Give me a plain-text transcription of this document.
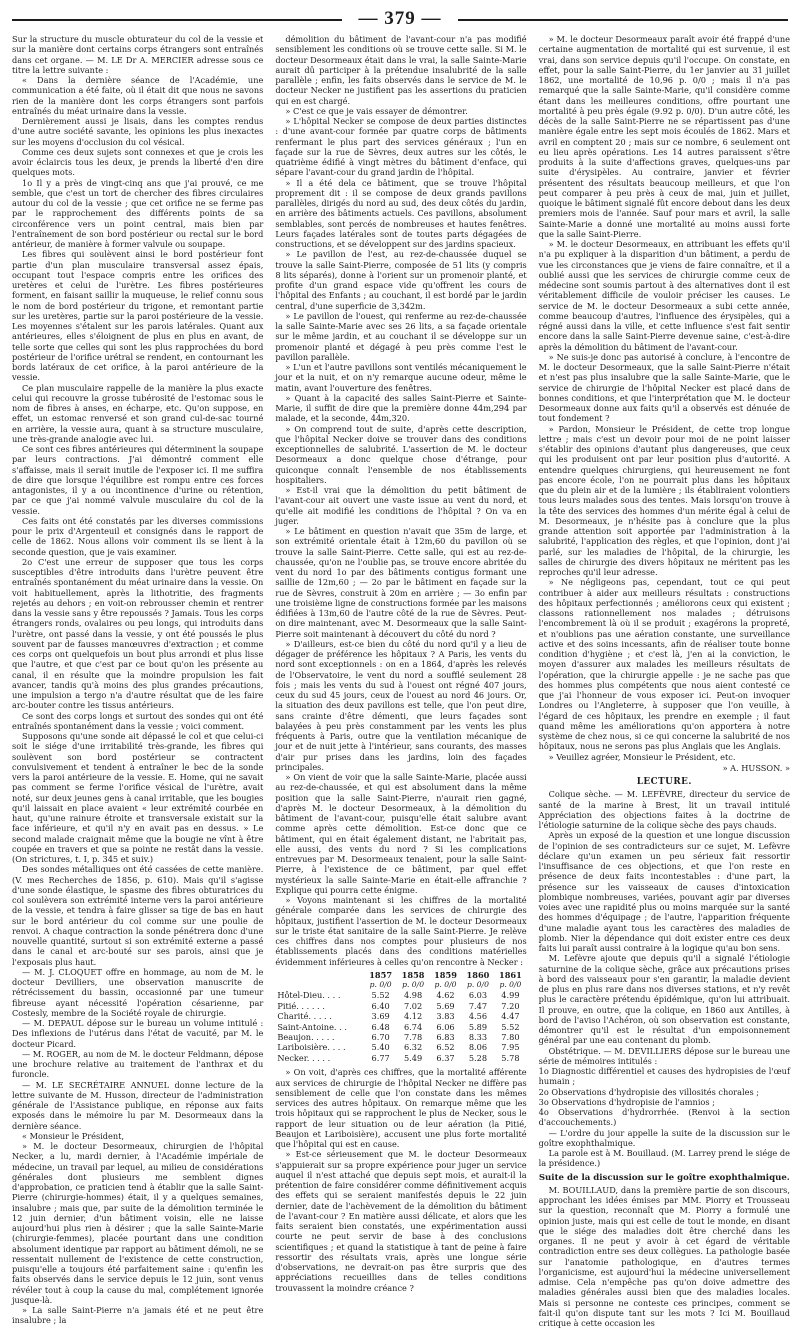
— 379 —

Sur la structure du muscle obturateur du col de la vessie et sur la manière dont certains corps étrangers sont entraînés dans cet organe. — M. LE Dr A. MERCIER adresse sous ce titre la lettre suivante :

« Dans la dernière séance de l'Académie, une communication a été faite, où il était dit que nous ne savons rien de la manière dont les corps étrangers sont parfois entraînés du méat urinaire dans la vessie.

Dernièrement aussi je lisais, dans les comptes rendus d'une autre société savante, les opinions les plus inexactes sur les moyens d'occlusion du col vésical.

Comme ces deux sujets sont connexes et que je crois les avoir éclaircis tous les deux, je prends la liberté d'en dire quelques mots.

1o Il y a près de vingt-cinq ans que j'ai prouvé, ce me semble, que c'est un tort de chercher des fibres circulaires autour du col de la vessie ; que cet orifice ne se ferme pas par le rapprochement des différents points de sa circonférence vers un point central, mais bien par l'entraînement de son bord postérieur ou rectal sur le bord antérieur, de manière à former valvule ou soupape.

Les fibres qui soulèvent ainsi le bord postérieur font partie d'un plan musculaire transversal assez épais, occupant tout l'espace compris entre les orifices des uretères et celui de l'urètre. Les fibres postérieures forment, en faisant saillir la muqueuse, le relief connu sous le nom de bord postérieur du trigone, et remontant partie sur les uretères, partie sur la paroi postérieure de la vessie. Les moyennes s'étalent sur les parois latérales. Quant aux antérieures, elles s'éloignent de plus en plus en avant, de telle sorte que celles qui sont les plus rapprochées du bord postérieur de l'orifice urétral se rendent, en contournant les bords latéraux de cet orifice, à la paroi antérieure de la vessie.

Ce plan musculaire rappelle de la manière la plus exacte celui qui recouvre la grosse tubérosité de l'estomac sous le nom de fibres à anses, en écharpe, etc. Qu'on suppose, en effet, un estomac renversé et son grand cul-de-sac tourné en arrière, la vessie aura, quant à sa structure musculaire, une très-grande analogie avec lui.

Ce sont ces fibres antérieures qui déterminent la soupape par leurs contractions. J'ai démontré comment elle s'affaisse, mais il serait inutile de l'exposer ici. Il me suffira de dire que lorsque l'équilibre est rompu entre ces forces antagonistes, il y a ou incontinence d'urine ou rétention, par ce que j'ai nommé valvule musculaire du col de la vessie.

Ces faits ont été constatés par les diverses commissions pour le prix d'Argenteuil et consignés dans le rapport de celle de 1862. Nous allons voir comment ils se lient à la seconde question, que je vais examiner.

2o C'est une erreur de supposer que tous les corps susceptibles d'être introduits dans l'urètre peuvent être entraînés spontanément du méat urinaire dans la vessie. On voit habituellement, après la lithotritie, des fragments rejetés au dehors ; en voit-on rebrousser chemin et rentrer dans la vessie sans y être repoussés ? Jamais. Tous les corps étrangers ronds, ovalaires ou peu longs, qui introduits dans l'urètre, ont passé dans la vessie, y ont été poussés le plus souvent par de fausses manœuvres d'extraction ; et comme ces corps ont quelquefois un bout plus arrondi et plus lisse que l'autre, et que c'est par ce bout qu'on les présente au canal, il en résulte que la moindre propulsion les fait avancer, tandis qu'à moins des plus grandes précautions, une impulsion a tergo n'a d'autre résultat que de les faire arc-bouter contre les tissus antérieurs.

Ce sont des corps longs et surtout des sondes qui ont été entraînés spontanément dans la vessie ; voici comment.

Supposons qu'une sonde ait dépassé le col et que celui-ci soit le siége d'une irritabilité très-grande, les fibres qui soulèvent son bord postérieur se contractent convulsivement et tendent à entraîner le bec de la sonde vers la paroi antérieure de la vessie. E. Home, qui ne savait pas comment se ferme l'orifice vésical de l'urètre, avait noté, sur deux jeunes gens à canal irritable, que les bougies qu'il laissait en place avaient « leur extrémité courbée en haut, qu'une rainure étroite et transversale existait sur la face inférieure, et qu'il n'y en avait pas en dessus. » Le second malade craignait même que la bougie ne vînt à être coupée en travers et que sa pointe ne restât dans la vessie. (On strictures, t. I, p. 345 et suiv.)

Des sondes métalliques ont été cassées de cette manière. (V. mes Recherches de 1856, p. 610). Mais qu'il s'agisse d'une sonde élastique, le spasme des fibres obturatrices du col soulèvera son extrémité interne vers la paroi antérieure de la vessie, et tendra à faire glisser sa tige de bas en haut sur le bord antérieur du col comme sur une poulie de renvoi. A chaque contraction la sonde pénétrera donc d'une nouvelle quantité, surtout si son extrémité externe a passé dans le canal et arc-bouté sur ses parois, ainsi que je l'exposais plus haut.

— M. J. CLOQUET offre en hommage, au nom de M. le docteur Devilliers, une observation manuscrite de rétrécissement du bassin, occasionné par une tumeur fibreuse ayant nécessité l'opération césarienne, par Costesly, membre de la Société royale de chirurgie.

— M. DEPAUL dépose sur le bureau un volume intitulé : Des inflexions de l'utérus dans l'état de vacuité, par M. le docteur Picard.

— M. ROGER, au nom de M. le docteur Feldmann, dépose une brochure relative au traitement de l'anthrax et du furoncle.

— M. LE SECRÉTAIRE ANNUEL donne lecture de la lettre suivante de M. Husson, directeur de l'administration générale de l'Assistance publique, en réponse aux faits exposés dans le mémoire lu par M. Desormeaux dans la dernière séance.

« Monsieur le Président,

» M. le docteur Desormeaux, chirurgien de l'hôpital Necker, a lu, mardi dernier, à l'Académie impériale de médecine, un travail par lequel, au milieu de considérations générales dont plusieurs me semblent dignes d'approbation, ce praticien tend à établir que la salle Saint-Pierre (chirurgie-hommes) était, il y a quelques semaines, insalubre ; mais que, par suite de la démolition terminée le 12 juin dernier, d'un bâtiment voisin, elle ne laisse aujourd'hui plus rien à désirer ; que la salle Sainte-Marie (chirurgie-femmes), placée pourtant dans une condition absolument identique par rapport au bâtiment démoli, ne se ressentait nullement de l'existence de cette construction, puisqu'elle a toujours été parfaitement saine : qu'enfin les faits observés dans le service depuis le 12 juin, sont venus révéler tout à coup la cause du mal, complétement ignorée jusque-là.

» La salle Saint-Pierre n'a jamais été et ne peut être insalubre ; la

démolition du bâtiment de l'avant-cour n'a pas modifié sensiblement les conditions où se trouve cette salle. Si M. le docteur Desormeaux était dans le vrai, la salle Sainte-Marie aurait dû participer à la prétendue insalubrité de la salle parallèle ; enfin, les faits observés dans le service de M. le docteur Necker ne justifient pas les assertions du praticien qui en est chargé.

» C'est ce que je vais essayer de démontrer.

» L'hôpital Necker se compose de deux parties distinctes : d'une avant-cour formée par quatre corps de bâtiments renfermant le plus part des services généraux ; l'un en façade sur la rue de Sèvres, deux autres sur les côtés, le quatrième édifié à vingt mètres du bâtiment d'enface, qui sépare l'avant-cour du grand jardin de l'hôpital.

» Il a été dela ce bâtiment, que se trouve l'hôpital proprement dit : il se compose de deux grands pavillons parallèles, dirigés du nord au sud, des deux côtés du jardin, en arrière des bâtiments actuels. Ces pavillons, absolument semblables, sont percés de nombreuses et hautes fenêtres. Leurs façades latérales sont de toutes parts dégagées de constructions, et se développent sur des jardins spacieux.

» Le pavillon de l'est, au rez-de-chaussée duquel se trouve la salle Saint-Pierre, composée de 51 lits (y compris 8 lits séparés), donne à l'orient sur un promenoir planté, et profite d'un grand espace vide qu'offrent les cours de l'hôpital des Enfants ; au couchant, il est bordé par le jardin central, d'une superficie de 3,342m.

» Le pavillon de l'ouest, qui renferme au rez-de-chaussée la salle Sainte-Marie avec ses 26 lits, a sa façade orientale sur le même jardin, et au couchant il se développe sur un promenoir planté et dégagé à peu près comme l'est le pavillon parallèle.

» L'un et l'autre pavillons sont ventilés mécaniquement le jour et la nuit, et on n'y remarque aucune odeur, même le matin, avant l'ouverture des fenêtres.

» Quant à la capacité des salles Saint-Pierre et Sainte-Marie, il suffit de dire que la première donne 44m,294 par malade, et la seconde, 44m,320.

» On comprend tout de suite, d'après cette description, que l'hôpital Necker doive se trouver dans des conditions exceptionnelles de salubrité. L'assertion de M. le docteur Desormeaux a donc quelque chose d'étrange, pour quiconque connaît l'ensemble de nos établissements hospitaliers.

» Est-il vrai que la démolition du petit bâtiment de l'avant-cour ait ouvert une vaste issue au vent du nord, et qu'elle ait modifié les conditions de l'hôpital ? On va en juger.

» Le bâtiment en question n'avait que 35m de large, et son extrémité orientale était à 12m,60 du pavillon où se trouve la salle Saint-Pierre. Cette salle, qui est au rez-de-chaussée, qu'on ne l'oublie pas, se trouve encore abritée du vent du nord 1o par des bâtiments contigus formant une saillie de 12m,60 ; — 2o par le bâtiment en façade sur la rue de Sèvres, construit à 20m en arrière ; — 3o enfin par une troisième ligne de constructions formée par les maisons édifiées à 13m,60 de l'autre côté de la rue de Sèvres. Peut-on dire maintenant, avec M. Desormeaux que la salle Saint-Pierre soit maintenant à découvert du côté du nord ?

» D'ailleurs, est-ce bien du côté du nord qu'il y a lieu de dégager de préférence les hôpitaux ? A Paris, les vents du nord sont exceptionnels : on en a 1864, d'après les relevés de l'Observatoire, le vent du nord a soufflé seulement 28 fois ; mais les vents du sud à l'ouest ont régné 407 jours, ceux du sud 45 jours, ceux de l'ouest au nord 46 jours. Or, la situation des deux pavillons est telle, que l'on peut dire, sans crainte d'être démenti, que leurs façades sont balayées à peu près constamment par les vents les plus fréquents à Paris, outre que la ventilation mécanique de jour et de nuit jette à l'intérieur, sans courants, des masses d'air pur prises dans les jardins, loin des façades principales.

» On vient de voir que la salle Sainte-Marie, placée aussi au rez-de-chaussée, et qui est absolument dans la même position que la salle Saint-Pierre, n'aurait rien gagné, d'après M. le docteur Desormeaux, à la démolition du bâtiment de l'avant-cour, puisqu'elle était salubre avant comme après cette démolition. Est-ce donc que ce bâtiment, qui en était également distant, ne l'abritait pas, elle aussi, des vents du nord ? Si les complications entrevues par M. Desormeaux tenaient, pour la salle Saint-Pierre, à l'existence de ce bâtiment, par quel effet mystérieux la salle Sainte-Marie en était-elle affranchie ? Explique qui pourra cette énigme.

» Voyons maintenant si les chiffres de la mortalité générale comparée dans les services de chirurgie des hôpitaux, justifient l'assertion de M. le docteur Desormeaux sur le triste état sanitaire de la salle Saint-Pierre. Je relève ces chiffres dans nos comptes pour plusieurs de nos établissements placés dans des conditions matérielles évidemment inférieures à celles qu'on rencontre à Necker :

	1857	1858	1859	1860	1861
	p. 0/0	p. 0/0	p. 0/0	p. 0/0	p. 0/0
Hôtel-Dieu. . . .	5.52	4.98	4.62	6.03	4.99
Pitié. . . . . .	6.40	7.02	5.69	7.47	7.20
Charité. . . . .	3.69	4.12	3.83	4.56	4.47
Saint-Antoine. . .	6.48	6.74	6.06	5.89	5.52
Beaujon. . . . .	6.70	7.78	6.83	8.33	7.80
Lariboisière. . . .	5.40	6.32	6.52	8.06	7.95
Necker. . . . .	6.77	5.49	6.37	5.28	5.78

» On voit, d'après ces chiffres, que la mortalité afférente aux services de chirurgie de l'hôpital Necker ne diffère pas sensiblement de celle que l'on constate dans les mêmes services des autres hôpitaux. On remarque même que les trois hôpitaux qui se rapprochent le plus de Necker, sous le rapport de leur situation ou de leur aération (la Pitié, Beaujon et Lariboisière), accusent une plus forte mortalité que l'hôpital qui est en cause.

» Est-ce sérieusement que M. le docteur Desormeaux s'appuierait sur sa propre expérience pour juger un service auquel il n'est attaché que depuis sept mois, et aurait-il la prétention de faire considérer comme définitivement acquis des effets qui se seraient manifestés depuis le 22 juin dernier, date de l'achèvement de la démolition du bâtiment de l'avant-cour ? En matière aussi délicate, et alors que les faits seraient bien constatés, une expérimentation aussi courte ne peut servir de base à des conclusions scientifiques ; et quand la statistique à tant de peine à faire ressortir des résultats vrais, après une longue série d'observations, ne devrait-on pas être surpris que des appréciations recueillies dans de telles conditions trouvassent la moindre créance ?

» M. le docteur Desormeaux paraît avoir été frappé d'une certaine augmentation de mortalité qui est survenue, il est vrai, dans son service depuis qu'il l'occupe. On constate, en effet, pour la salle Saint-Pierre, du 1er janvier au 31 juillet 1862, une mortalité de 10,96 p. 0/0 ; mais il n'a pas remarqué que la salle Sainte-Marie, qu'il considère comme étant dans les meilleures conditions, offre pourtant une mortalité à peu près égale (9.92 p. 0/0). D'un autre côté, les décès de la salle Saint-Pierre ne se répartissent pas d'une manière égale entre les sept mois écoulés de 1862. Mars et avril en comptent 20 ; mais sur ce nombre, 6 seulement ont eu lieu après opérations. Les 14 autres paraissent s'être produits à la suite d'affections graves, quelques-uns par suite d'érysipèles. Au contraire, janvier et février présentent des résultats beaucoup meilleurs, et que l'on peut comparer à peu près à ceux de mai, juin et juillet, quoique le bâtiment signalé fût encore debout dans les deux premiers mois de l'année. Sauf pour mars et avril, la salle Sainte-Marie a donné une mortalité au moins aussi forte que la salle Saint-Pierre.

» M. le docteur Desormeaux, en attribuant les effets qu'il n'a pu expliquer à la disparition d'un bâtiment, a perdu de vue les circonstances que je viens de faire connaître, et il a oublié aussi que les services de chirurgie comme ceux de médecine sont soumis partout à des alternatives dont il est véritablement difficile de vouloir préciser les causes. Le service de M. le docteur Desormeaux a subi cette année, comme beaucoup d'autres, l'influence des érysipèles, qui a régné aussi dans la ville, et cette influence s'est fait sentir encore dans la salle Saint-Pierre devenue saine, c'est-à-dire après la démolition du bâtiment de l'avant-cour.

» Ne suis-je donc pas autorisé à conclure, à l'encontre de M. le docteur Desormeaux, que la salle Saint-Pierre n'était et n'est pas plus insalubre que la salle Sainte-Marie, que le service de chirurgie de l'hôpital Necker est placé dans de bonnes conditions, et que l'interprétation que M. le docteur Desormeaux donne aux faits qu'il a observés est dénuée de tout fondement ?

» Pardon, Monsieur le Président, de cette trop longue lettre ; mais c'est un devoir pour moi de ne point laisser s'établir des opinions d'autant plus dangereuses, que ceux qui les produisent ont par leur position plus d'autorité. A entendre quelques chirurgiens, qui heureusement ne font pas encore école, l'on ne pourrait plus dans les hôpitaux que du plein air et de la lumière ; ils établiraient volontiers tous leurs malades sous des tentes. Mais lorsqu'on trouve à la tête des services des hommes d'un mérite égal à celui de M. Desormeaux, je n'hésite pas à conclure que la plus grande attention soit apportée par l'administration à la salubrité, l'application des règles, et que l'opinion, dont j'ai parlé, sur les maladies de l'hôpital, de la chirurgie, les salles de chirurgie des divers hôpitaux ne méritent pas les reproches qu'il leur adresse.

» Ne négligeons pas, cependant, tout ce qui peut contribuer à aider aux meilleurs résultats : constructions des hôpitaux perfectionnés ; améliorons ceux qui existent ; classons rationnellement nos malades ; détruisons l'encombrement là où il se produit ; exagérons la propreté, et n'oublions pas une aération constante, une surveillance active et des soins incessants, afin de réaliser toute bonne condition d'hygiène ; et c'est là, j'en ai la conviction, le moyen d'assurer aux malades les meilleurs résultats de l'opération, que la chirurgie appelle : je ne sache pas que des hommes plus compétents que nous aient contesté ce que j'ai l'honneur de vous exposer ici. Peut-on invoquer Londres ou l'Angleterre, à supposer que l'on veuille, à l'égard de ces hôpitaux, les prendre en exemple ; il faut quand même les améliorations qu'on apportera à notre système de chez nous, si ce qui concerne la salubrité de nos hôpitaux, nous ne serons pas plus Anglais que les Anglais.

» Veuillez agréer, Monsieur le Président, etc.

» A. HUSSON. »

LECTURE.

Colique sèche. — M. LEFÈVRE, directeur du service de santé de la marine à Brest, lit un travail intitulé Appréciation des objections faites à la doctrine de l'étiologie saturnine de la colique sèche des pays chauds.

Après un exposé de la question et une longue discussion de l'opinion de ses contradicteurs sur ce sujet, M. Lefèvre déclare qu'un examen un peu sérieux fait ressortir l'insuffisance de ces objections, et que l'on reste en présence de deux faits incontestables : d'une part, la présence sur les vaisseaux de causes d'intoxication plombique nombreuses, variées, pouvant agir par diverses voies avec une rapidité plus ou moins marquée sur la santé des hommes d'équipage ; de l'autre, l'apparition fréquente d'une maladie ayant tous les caractères des maladies de plomb. Nier la dépendance qui doit exister entre ces deux faits lui paraît aussi contraire à la logique qu'au bon sens.

M. Lefèvre ajoute que depuis qu'il a signalé l'étiologie saturnine de la colique sèche, grâce aux précautions prises à bord des vaisseaux pour s'en garantir, la maladie devient de plus en plus rare dans nos diverses stations, et n'y revêt plus le caractère prétendu épidémique, qu'on lui attribuait. Il prouve, en outre, que la colique, en 1860 aux Antilles, à bord de l'aviso l'Achéron, où son observation est constante, démontrer qu'il est le résultat d'un empoisonnement général par une eau contenant du plomb.

Obstétrique. — M. DEVILLIERS dépose sur le bureau une série de mémoires intitulés :

1o Diagnostic différentiel et causes des hydropisies de l'œuf humain ;

2o Observations d'hydropisie des villosités chorales ;

3o Observations d'hydropisie de l'amnios ;

4o Observations d'hydrorrhée. (Renvoi à la section d'accouchements.)

— L'ordre du jour appelle la suite de la discussion sur le goître exophthalmique.

La parole est à M. Bouillaud. (M. Larrey prend le siége de la présidence.)

Suite de la discussion sur le goître exophthalmique.

M. BOUILLAUD, dans la première partie de son discours, approchant les idées émises par MM. Piorry et Trousseau sur la question, reconnaît que M. Piorry a formulé une opinion juste, mais qui est celle de tout le monde, en disant que le siége des maladies doit être cherché dans les organes. Il ne peut y avoir à cet égard de véritable contradiction entre ses deux collègues. La pathologie basée sur l'anatomie pathologique, en d'autres termes l'organicisme, est aujourd'hui la médecine universellement admise. Cela n'empêche pas qu'on doive admettre des maladies générales aussi bien que des maladies locales. Mais si personne ne conteste ces principes, comment se fait-il qu'on dispute tant sur les mots ? Ici M. Bouillaud critique à cette occasion les
